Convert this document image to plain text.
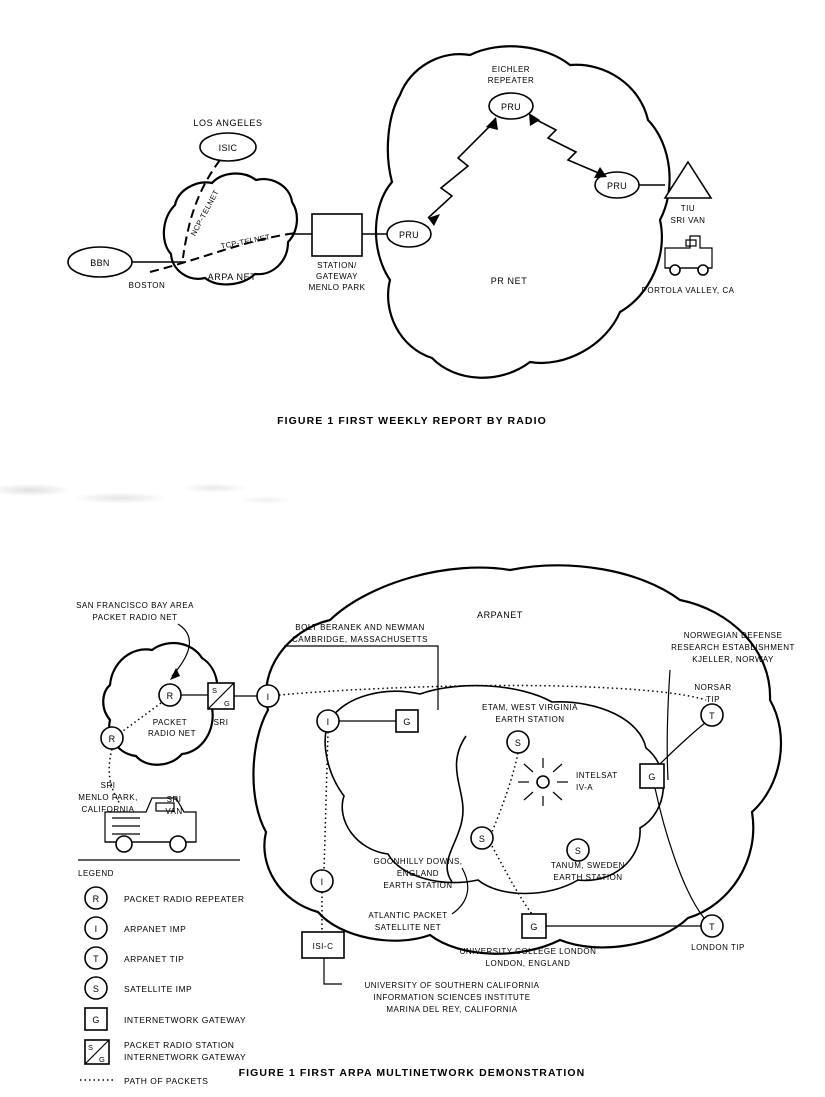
ISIC
LOS ANGELES
BBN
BOSTON
NCP-TELNET
TCP-TELNET
ARPA NET
STATION/
GATEWAY
MENLO PARK
PRU
PRU
EICHLER
REPEATER
PRU
PR NET
TIU
SRI VAN
PORTOLA VALLEY, CA
FIGURE 1 FIRST WEEKLY REPORT BY RADIO
SAN FRANCISCO BAY AREA
PACKET RADIO NET	ARPANET
R
R
PACKET
RADIO NET
S
G
SRI
I
BOLT BERANEK AND NEWMAN
CAMBRIDGE, MASSACHUSETTS	NORWEGIAN DEFENSE
RESEARCH ESTABLISHMENT
KJELLER, NORWAY
T
NORSAR
TIP
G
I
I
ISI-C
UNIVERSITY OF SOUTHERN CALIFORNIA
INFORMATION SCIENCES INSTITUTE
MARINA DEL REY, CALIFORNIA
S
ETAM, WEST VIRGINIA
EARTH STATION
INTELSAT
IV-A
S
GOONHILLY DOWNS,
ENGLAND
EARTH STATION
S
TANUM, SWEDEN
EARTH STATION
ATLANTIC PACKET
SATELLITE NET	G
UNIVERSITY COLLEGE LONDON
LONDON, ENGLAND
T
LONDON TIP
G
SRI
MENLO PARK,
CALIFORNIA
SRI
VAN
LEGEND
R	PACKET RADIO REPEATER
I	ARPANET IMP
T	ARPANET TIP
S	SATELLITE IMP
G	INTERNETWORK GATEWAY
S
G
PACKET RADIO STATION
INTERNETWORK GATEWAY
PATH OF PACKETS
FIGURE 1 FIRST ARPA MULTINETWORK DEMONSTRATION
